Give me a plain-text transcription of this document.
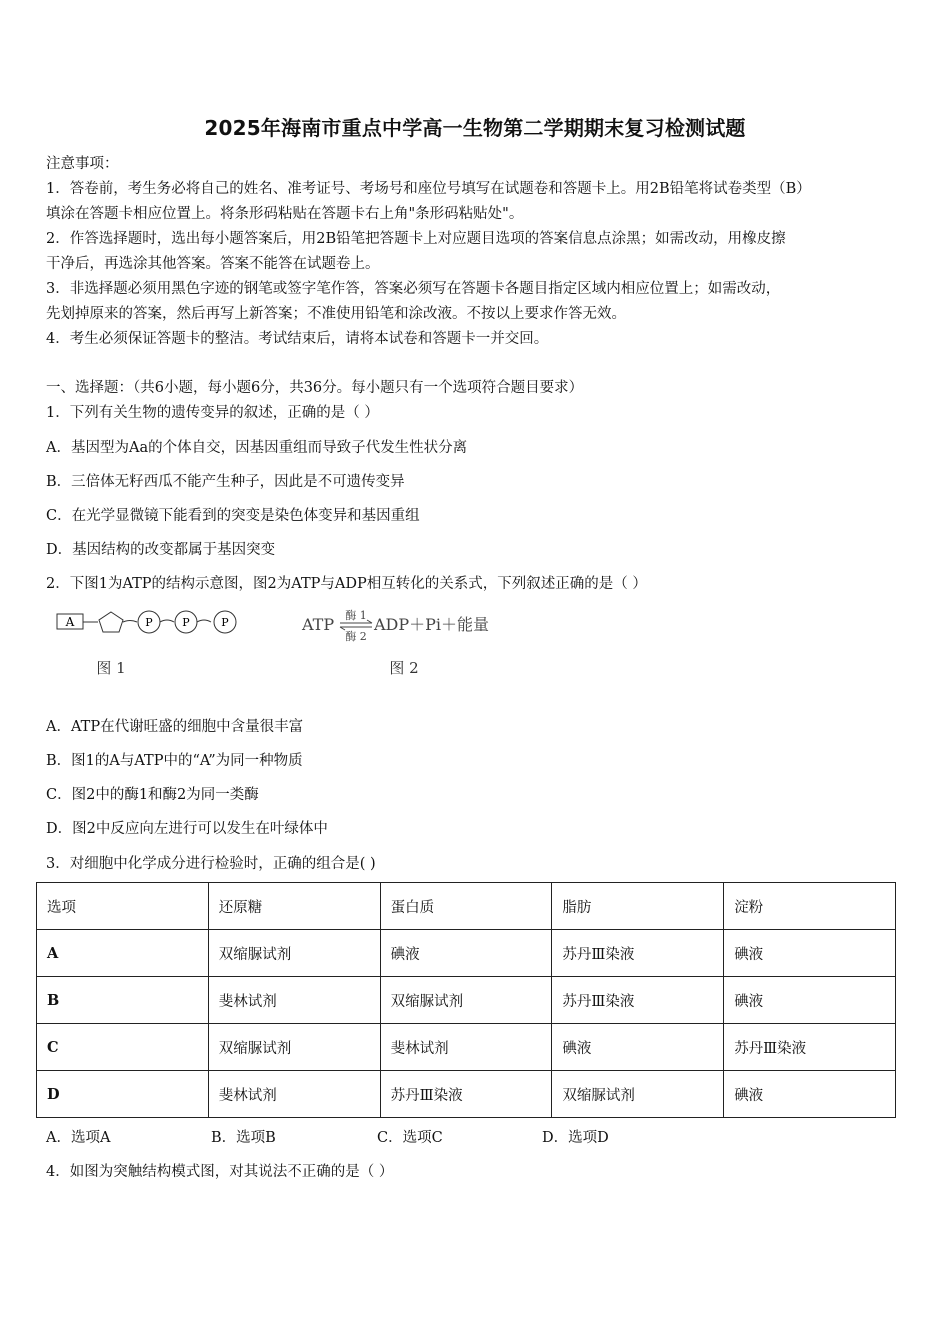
2025年海南市重点中学高一生物第二学期期末复习检测试题
注意事项：
1．答卷前，考生务必将自己的姓名、准考证号、考场号和座位号填写在试题卷和答题卡上。用2B铅笔将试卷类型（B）
填涂在答题卡相应位置上。将条形码粘贴在答题卡右上角"条形码粘贴处"。
2．作答选择题时，选出每小题答案后，用2B铅笔把答题卡上对应题目选项的答案信息点涂黑；如需改动，用橡皮擦
干净后，再选涂其他答案。答案不能答在试题卷上。
3．非选择题必须用黑色字迹的钢笔或签字笔作答，答案必须写在答题卡各题目指定区域内相应位置上；如需改动，
先划掉原来的答案，然后再写上新答案；不准使用铅笔和涂改液。不按以上要求作答无效。
4．考生必须保证答题卡的整洁。考试结束后，请将本试卷和答题卡一并交回。
一、选择题：（共6小题，每小题6分，共36分。每小题只有一个选项符合题目要求）
1．下列有关生物的遗传变异的叙述，正确的是（ ）
A．基因型为Aa的个体自交，因基因重组而导致子代发生性状分离
B．三倍体无籽西瓜不能产生种子，因此是不可遗传变异
C．在光学显微镜下能看到的突变是染色体变异和基因重组
D．基因结构的改变都属于基因突变
2．下图1为ATP的结构示意图，图2为ATP与ADP相互转化的关系式，下列叙述正确的是（ ）
A	P	P	P
图 1
ATP 酶 1
酶 2
ADP＋Pi＋能量
图 2
A．ATP在代谢旺盛的细胞中含量很丰富
B．图1的A与ATP中的“A”为同一种物质
C．图2中的酶1和酶2为同一类酶
D．图2中反应向左进行可以发生在叶绿体中
3．对细胞中化学成分进行检验时，正确的组合是( )
选项	还原糖	蛋白质	脂肪	淀粉
A	双缩脲试剂	碘液	苏丹Ⅲ染液	碘液
B	斐林试剂	双缩脲试剂	苏丹Ⅲ染液	碘液
C	双缩脲试剂	斐林试剂	碘液	苏丹Ⅲ染液
D	斐林试剂	苏丹Ⅲ染液	双缩脲试剂	碘液
A．选项A	B．选项B	C．选项C	D．选项D
4．如图为突触结构模式图，对其说法不正确的是（ ）
